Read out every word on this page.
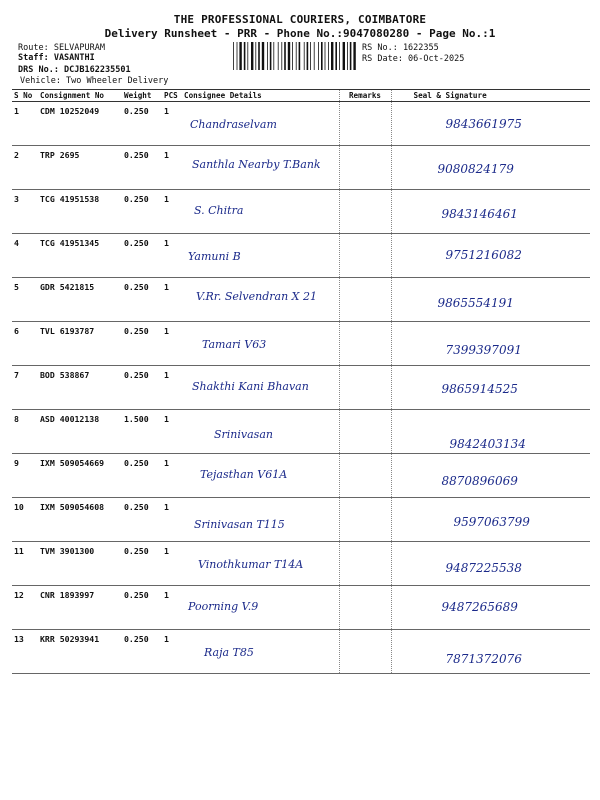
THE PROFESSIONAL COURIERS, COIMBATORE
Delivery Runsheet - PRR - Phone No.:9047080280 - Page No.:1
Route: SELVAPURAM
Staff: VASANTHI
DRS No.: DCJB162235501
Vehicle: Two Wheeler Delivery
RS No.: 1622355
RS Date: 06-Oct-2025
S No	Consignment No	Weight	PCS	Consignee Details	Remarks	Seal & Signature
1	CDM 10252049	0.250	1	Chandraselvam		9843661975
2	TRP 2695	0.250	1	Santhla Nearby T.Bank		9080824179
3	TCG 41951538	0.250	1	S. Chitra		9843146461
4	TCG 41951345	0.250	1	Yamuni B		9751216082
5	GDR 5421815	0.250	1	V.Rr. Selvendran X 21		9865554191
6	TVL 6193787	0.250	1	Tamari V63		7399397091
7	BOD 538867	0.250	1	Shakthi Kani Bhavan		9865914525
8	ASD 40012138	1.500	1	Srinivasan		9842403134
9	IXM 509054669	0.250	1	Tejasthan V61A		8870896069
10	IXM 509054608	0.250	1	Srinivasan T115		9597063799
11	TVM 3901300	0.250	1	Vinothkumar T14A		9487225538
12	CNR 1893997	0.250	1	Poorning V.9		9487265689
13	KRR 50293941	0.250	1	Raja T85		7871372076
